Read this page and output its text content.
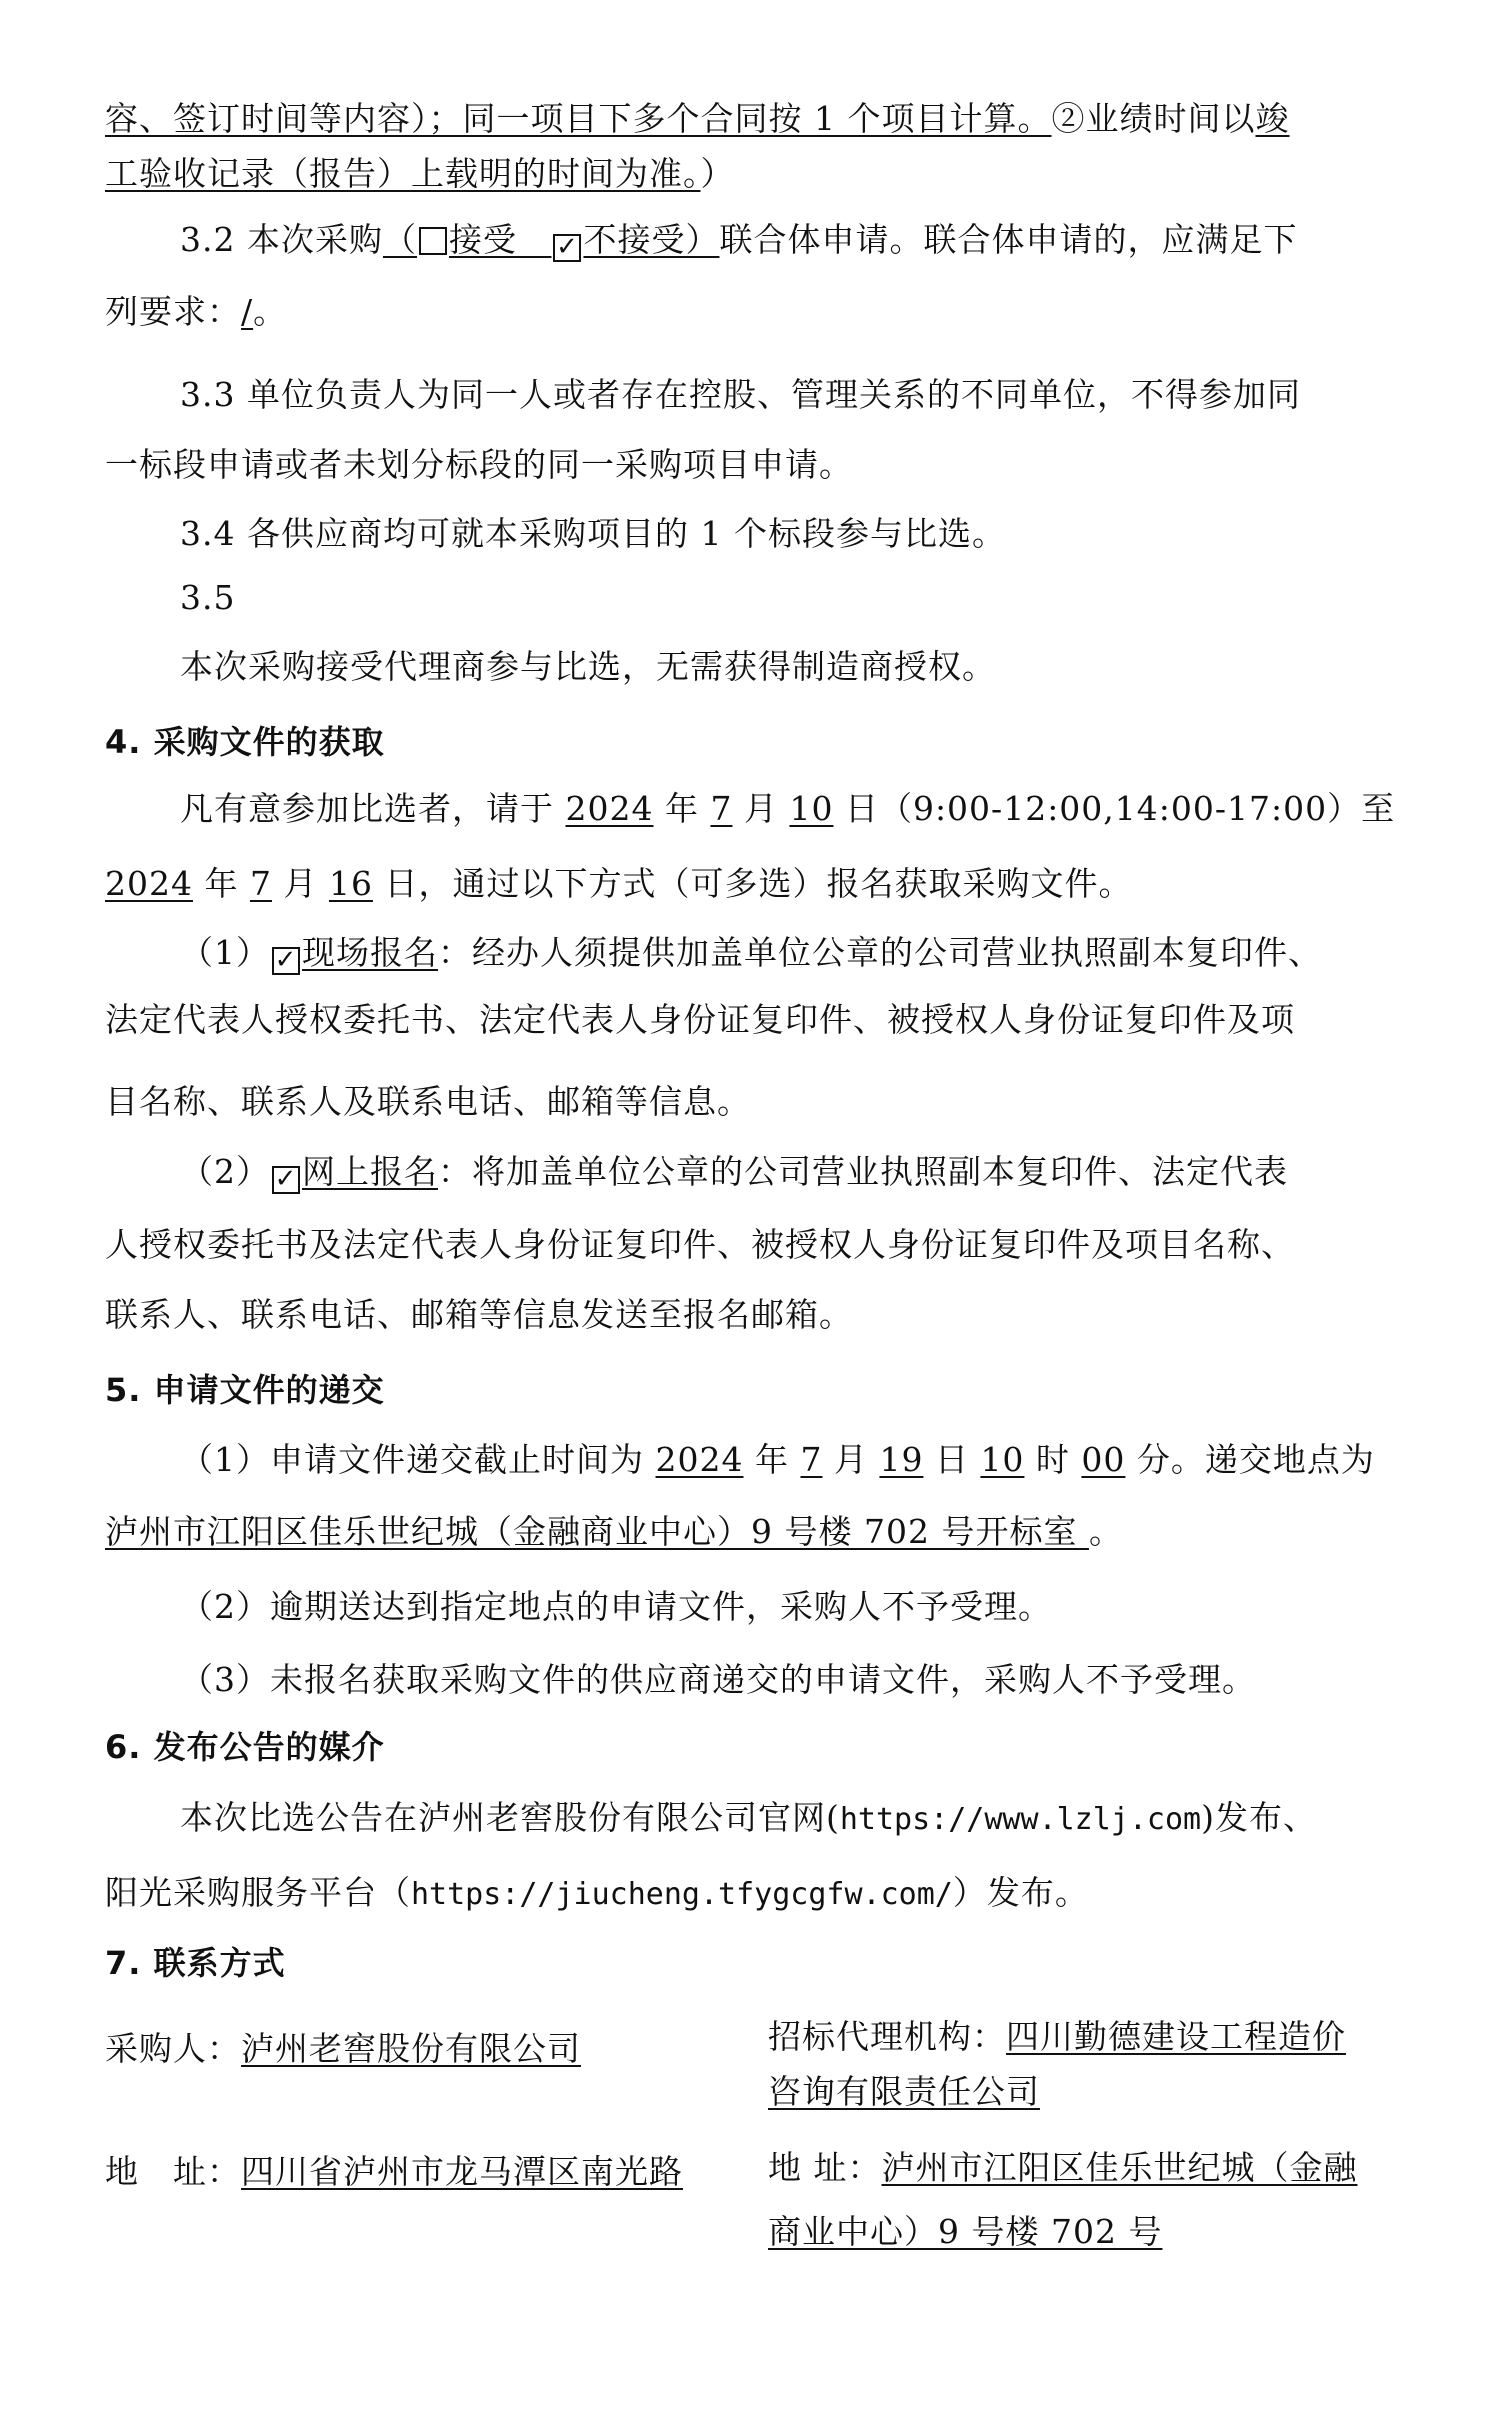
容、签订时间等内容）；同一项目下多个合同按 1 个项目计算。②业绩时间以竣
工验收记录（报告）上载明的时间为准。）
3.2 本次采购（ 接受 ✓ 不接受）联合体申请。联合体申请的，应满足下
列要求：/。
3.3 单位负责人为同一人或者存在控股、管理关系的不同单位，不得参加同
一标段申请或者未划分标段的同一采购项目申请。
3.4 各供应商均可就本采购项目的 1 个标段参与比选。
3.5
本次采购接受代理商参与比选，无需获得制造商授权。
4. 采购文件的获取
凡有意参加比选者，请于 2024 年 7 月 10 日（9:00-12:00,14:00-17:00）至
2024 年 7 月 16 日，通过以下方式（可多选）报名获取采购文件。
（1） ✓ 现场报名：经办人须提供加盖单位公章的公司营业执照副本复印件、
法定代表人授权委托书、法定代表人身份证复印件、被授权人身份证复印件及项
目名称、联系人及联系电话、邮箱等信息。
（2） ✓ 网上报名：将加盖单位公章的公司营业执照副本复印件、法定代表
人授权委托书及法定代表人身份证复印件、被授权人身份证复印件及项目名称、
联系人、联系电话、邮箱等信息发送至报名邮箱。
5. 申请文件的递交
（1）申请文件递交截止时间为 2024 年 7 月 19 日 10 时 00 分。递交地点为
泸州市江阳区佳乐世纪城（金融商业中心）9 号楼 702 号开标室 。
（2）逾期送达到指定地点的申请文件，采购人不予受理。
（3）未报名获取采购文件的供应商递交的申请文件，采购人不予受理。
6. 发布公告的媒介
本次比选公告在泸州老窖股份有限公司官网(https://www.lzlj.com)发布、
阳光采购服务平台（https://jiucheng.tfygcgfw.com/）发布。
7. 联系方式
采购人：泸州老窖股份有限公司
地　址：四川省泸州市龙马潭区南光路
招标代理机构：四川勤德建设工程造价
咨询有限责任公司
地 址：泸州市江阳区佳乐世纪城（金融
商业中心）9 号楼 702 号
